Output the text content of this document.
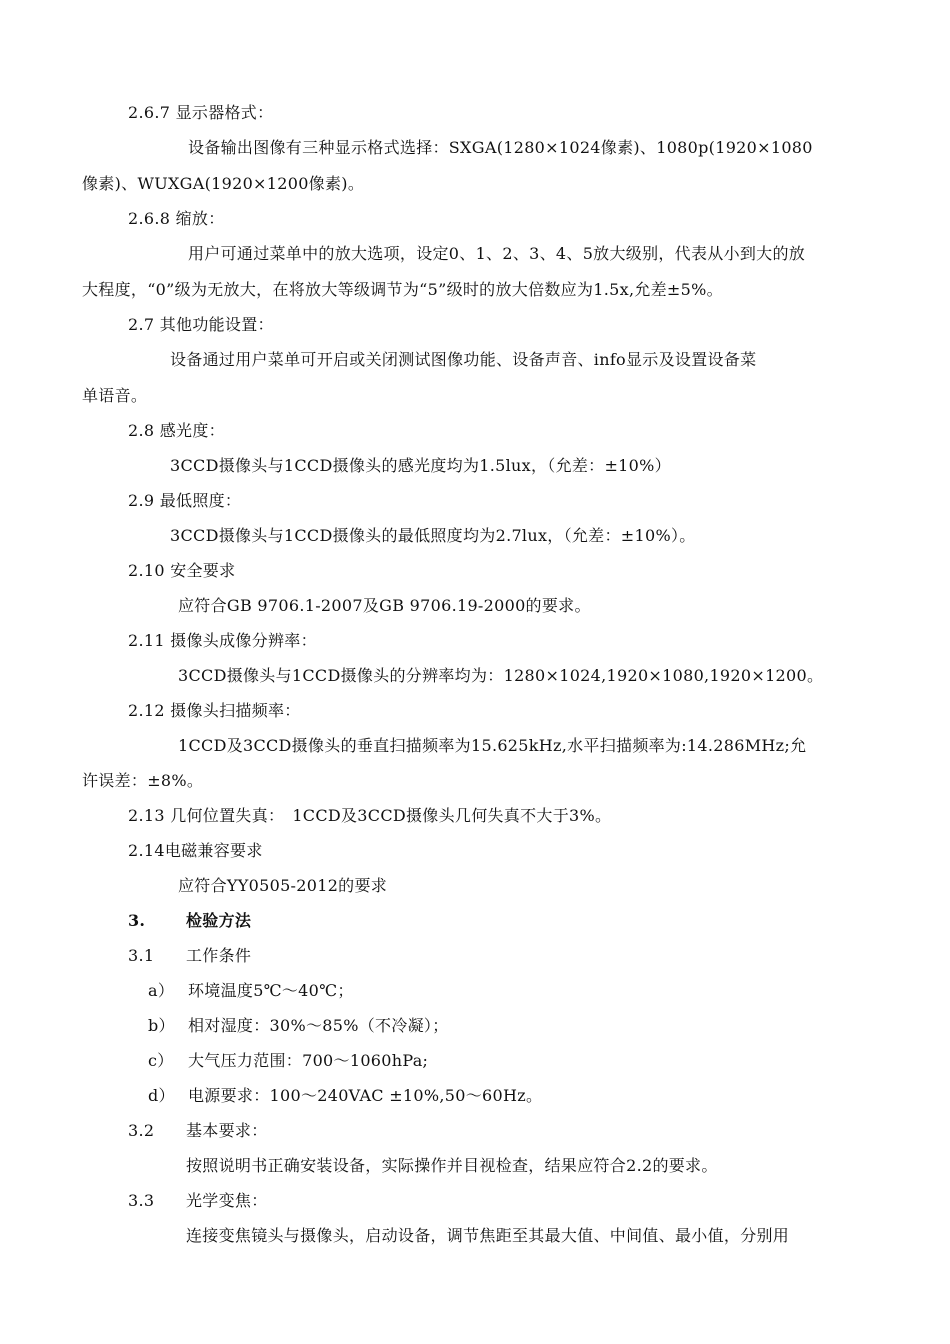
2.6.7 显示器格式：
设备输出图像有三种显示格式选择：SXGA(1280×1024像素)、1080p(1920×1080
像素)、WUXGA(1920×1200像素)。
2.6.8 缩放：
用户可通过菜单中的放大选项，设定0、1、2、3、4、5放大级别，代表从小到大的放
大程度，“0”级为无放大，在将放大等级调节为“5”级时的放大倍数应为1.5x,允差±5%。
2.7 其他功能设置：
设备通过用户菜单可开启或关闭测试图像功能、设备声音、info显示及设置设备菜
单语音。
2.8 感光度：
3CCD摄像头与1CCD摄像头的感光度均为1.5lux，（允差：±10%）
2.9 最低照度：
3CCD摄像头与1CCD摄像头的最低照度均为2.7lux，（允差：±10%）。
2.10 安全要求
应符合GB 9706.1-2007及GB 9706.19-2000的要求。
2.11 摄像头成像分辨率：
3CCD摄像头与1CCD摄像头的分辨率均为：1280×1024,1920×1080,1920×1200。
2.12 摄像头扫描频率：
1CCD及3CCD摄像头的垂直扫描频率为15.625kHz,水平扫描频率为:14.286MHz;允
许误差：±8%。
2.13 几何位置失真： 1CCD及3CCD摄像头几何失真不大于3%。
2.14电磁兼容要求
应符合YY0505-2012的要求
3.	检验方法
3.1 工作条件
a） 环境温度5℃～40℃；
b） 相对湿度：30%～85%（不冷凝）；
c） 大气压力范围：700～1060hPa;
d） 电源要求：100～240VAC ±10%,50～60Hz。
3.2 基本要求：
按照说明书正确安装设备，实际操作并目视检查，结果应符合2.2的要求。
3.3 光学变焦：
连接变焦镜头与摄像头，启动设备，调节焦距至其最大值、中间值、最小值，分别用
